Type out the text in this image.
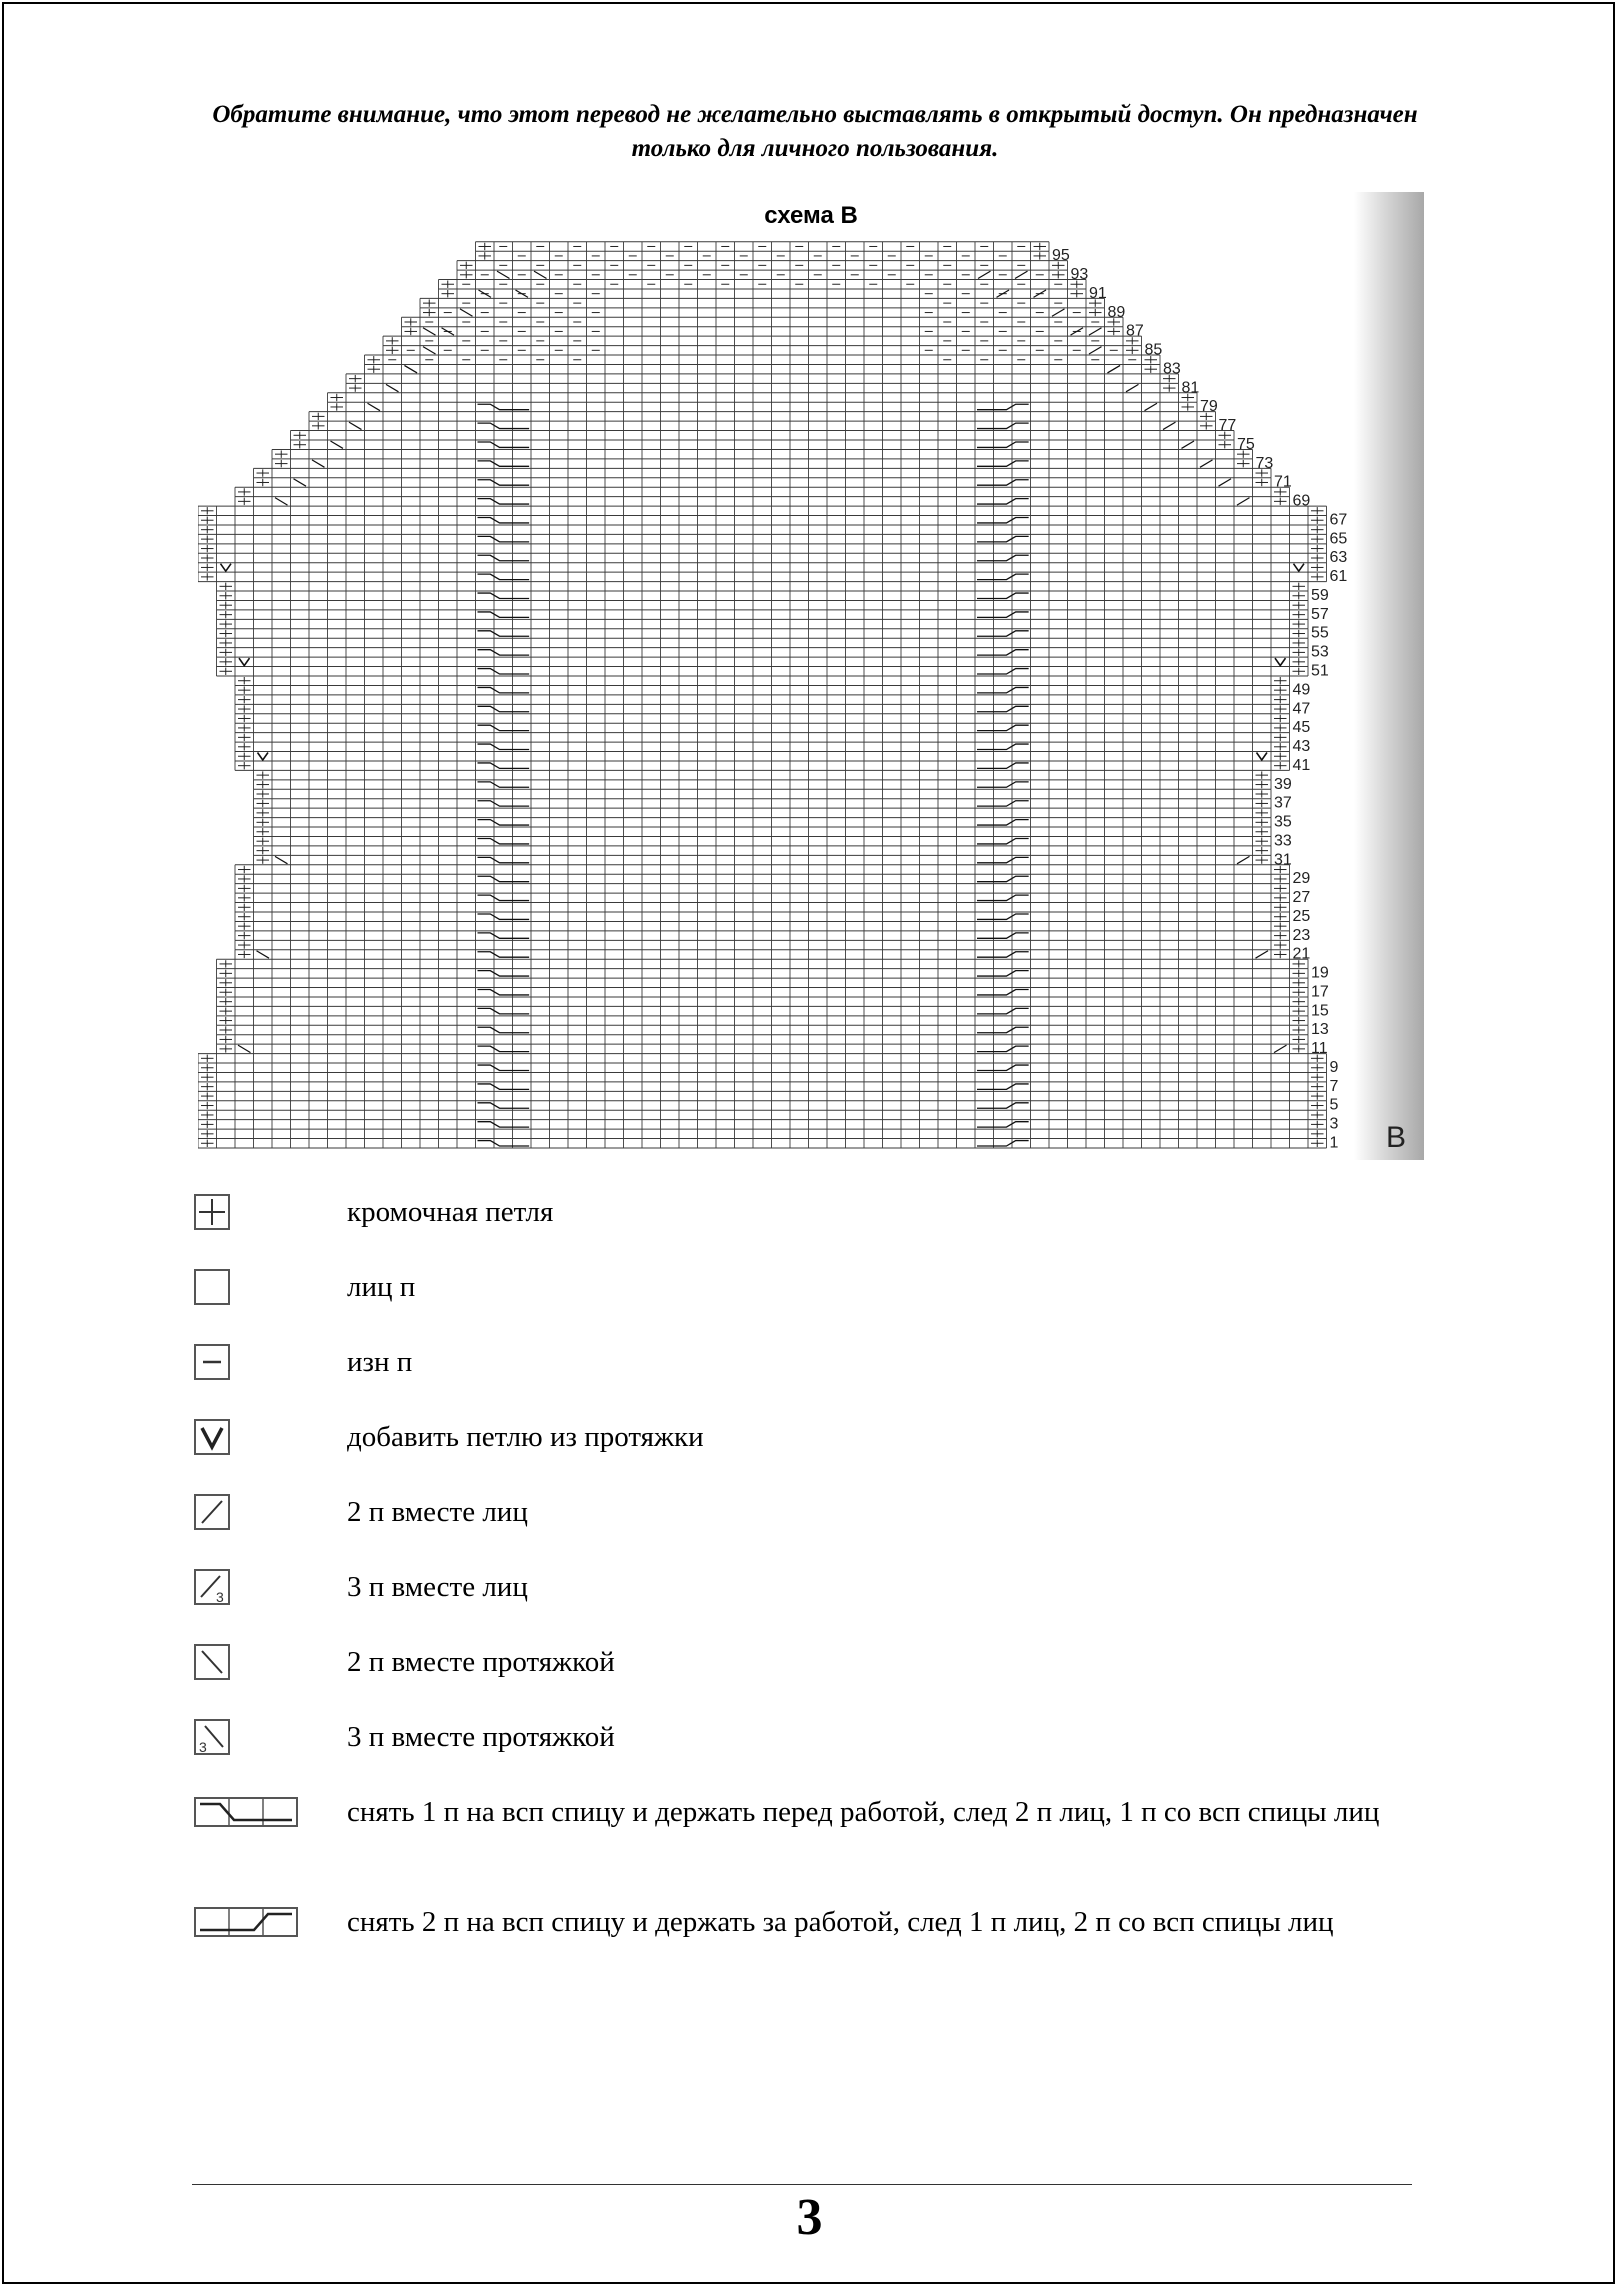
Обратите внимание, что этот перевод не желательно выставлять в открытый доступ. Он предназначен только для личного пользования.
1
3
5
7
9
11
13
15
17
19
21
23
25
27
29
31
33
35
37
39
41
43
45
47
49
51
53
55
57
59
61
63
65
67
69
71
73
75
77
79
81
83
85
87
89
91
93
95
B
схема В
кромочная петля
лиц п
изн п
добавить петлю из протяжки
2 п вместе лиц
3	3 п вместе лиц
2 п вместе протяжкой
3	3 п вместе протяжкой
снять 1 п на всп спицу и держать перед работой, след 2 п лиц, 1 п со всп спицы лиц
снять 2 п на всп спицу и держать за работой, след 1 п лиц, 2 п со всп спицы лиц
3
